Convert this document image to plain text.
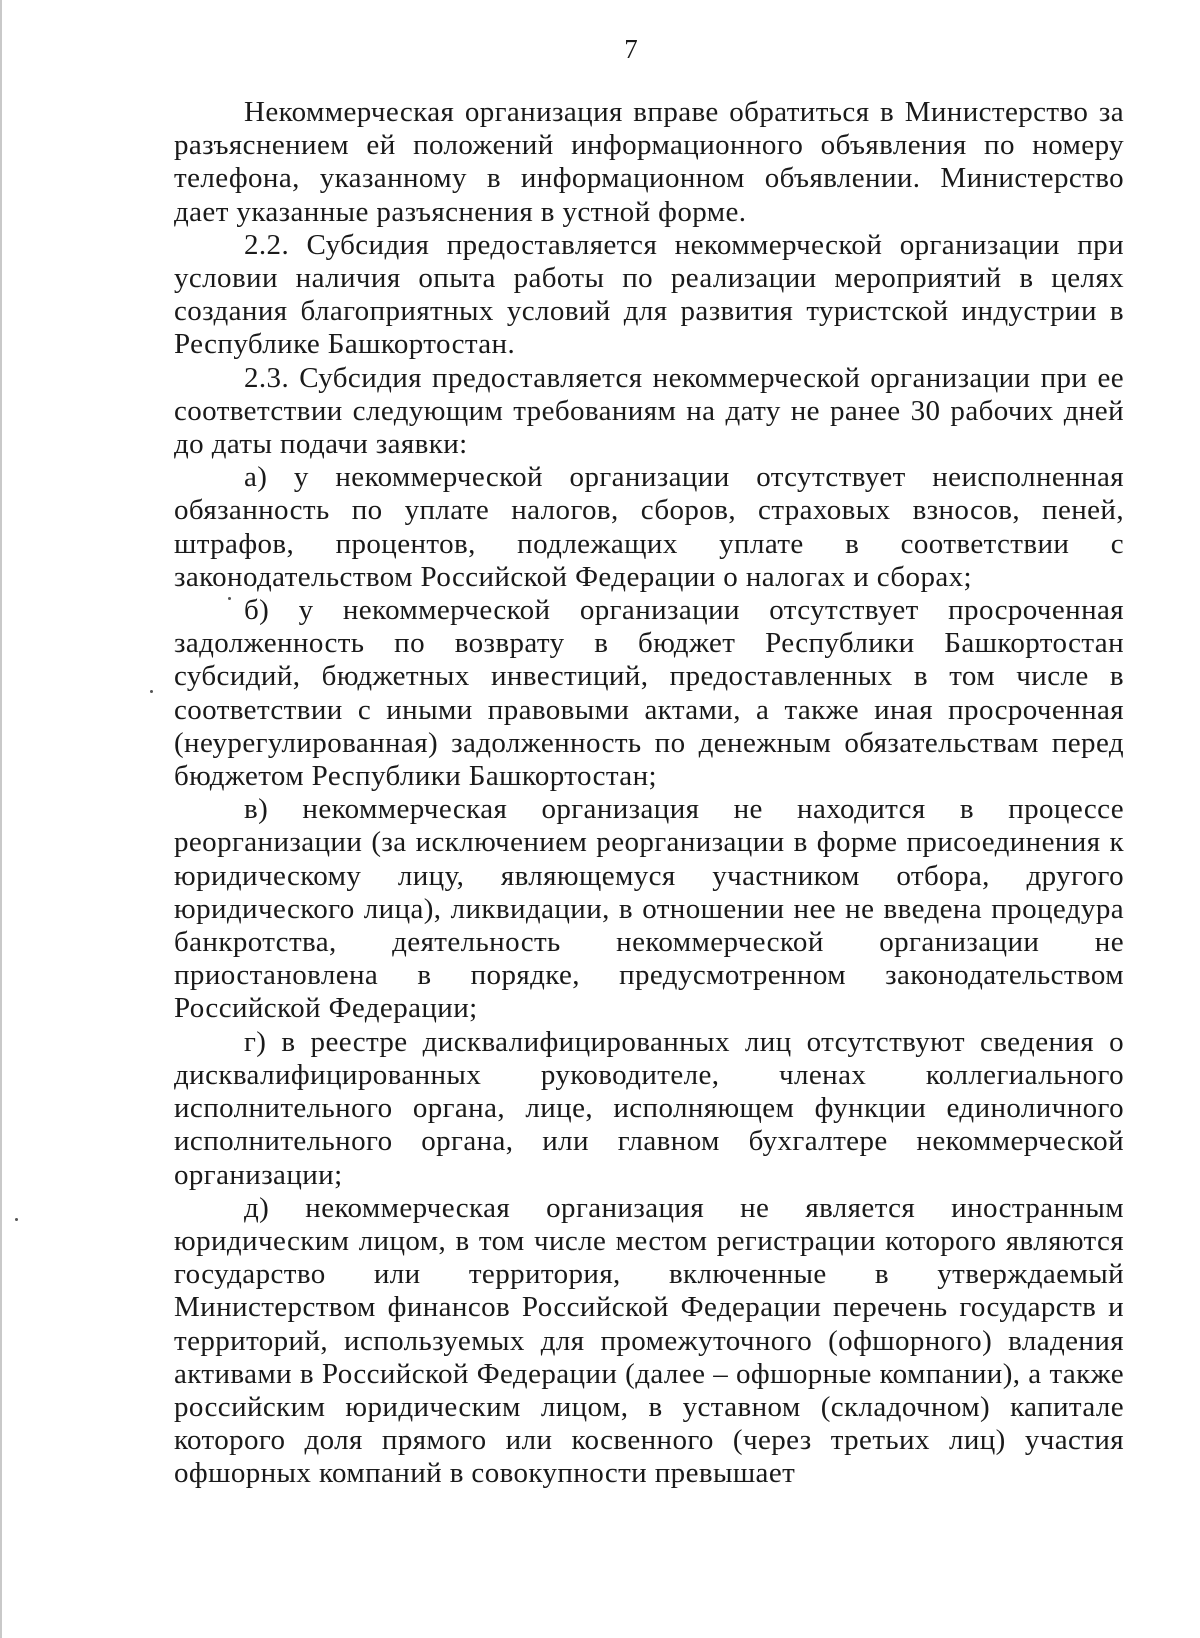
7

Некоммерческая организация вправе обратиться в Министерство за разъяснением ей положений информационного объявления по номеру телефона, указанному в информационном объявлении. Министерство дает указанные разъяснения в устной форме.

2.2. Субсидия предоставляется некоммерческой организации при условии наличия опыта работы по реализации мероприятий в целях создания благоприятных условий для развития туристской индустрии в Республике Башкортостан.

2.3. Субсидия предоставляется некоммерческой организации при ее соответствии следующим требованиям на дату не ранее 30 рабочих дней до даты подачи заявки:

а) у некоммерческой организации отсутствует неисполненная обязанность по уплате налогов, сборов, страховых взносов, пеней, штрафов, процентов, подлежащих уплате в соответствии с законодательством Российской Федерации о налогах и сборах;

б) у некоммерческой организации отсутствует просроченная задолженность по возврату в бюджет Республики Башкортостан субсидий, бюджетных инвестиций, предоставленных в том числе в соответствии с иными правовыми актами, а также иная просроченная (неурегулированная) задолженность по денежным обязательствам перед бюджетом Республики Башкортостан;

в) некоммерческая организация не находится в процессе реорганизации (за исключением реорганизации в форме присоединения к юридическому лицу, являющемуся участником отбора, другого юридического лица), ликвидации, в отношении нее не введена процедура банкротства, деятельность некоммерческой организации не приостановлена в порядке, предусмотренном законодательством Российской Федерации;

г) в реестре дисквалифицированных лиц отсутствуют сведения о дисквалифицированных руководителе, членах коллегиального исполнительного органа, лице, исполняющем функции единоличного исполнительного органа, или главном бухгалтере некоммерческой организации;

д) некоммерческая организация не является иностранным юридическим лицом, в том числе местом регистрации которого являются государство или территория, включенные в утверждаемый Министерством финансов Российской Федерации перечень государств и территорий, используемых для промежуточного (офшорного) владения активами в Российской Федерации (далее – офшорные компании), а также российским юридическим лицом, в уставном (складочном) капитале которого доля прямого или косвенного (через третьих лиц) участия офшорных компаний в совокупности превышает
